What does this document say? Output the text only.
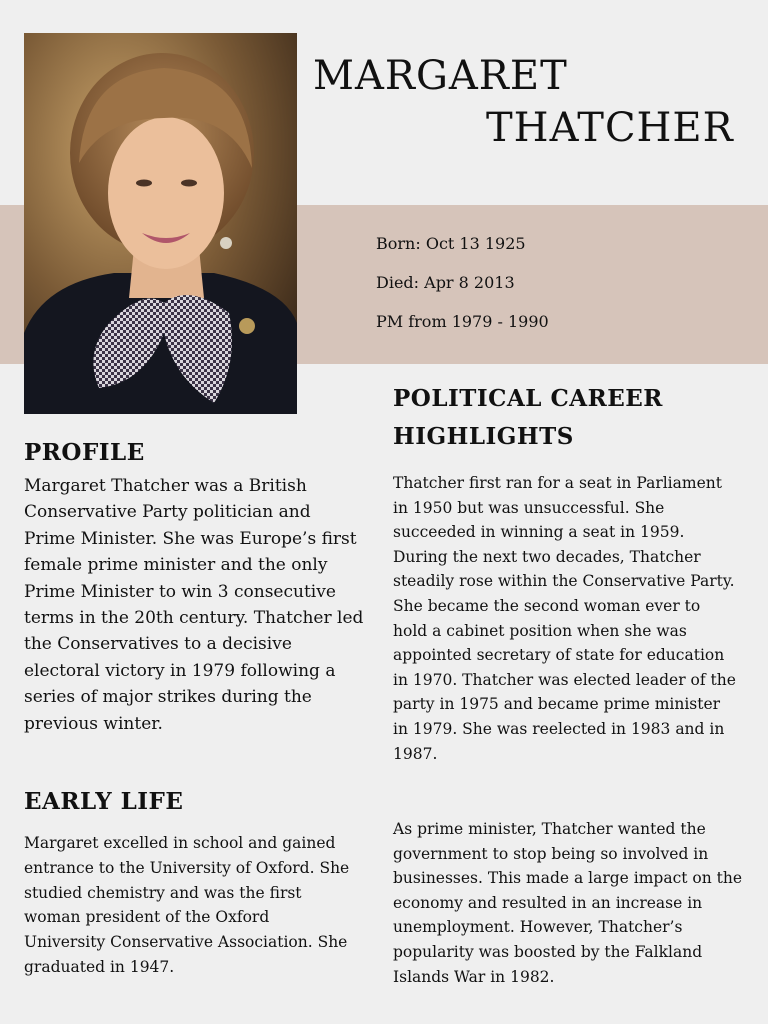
MARGARET
THATCHER
Born: Oct 13 1925
Died: Apr 8 2013
PM from 1979 - 1990
PROFILE

Margaret Thatcher was a British Conservative Party politician and Prime Minister. She was Europe’s first female prime minister and the only Prime Minister to win 3 consecutive terms in the 20th century. Thatcher led the Conservatives to a decisive electoral victory in 1979 following a series of major strikes during the previous winter.

EARLY LIFE

Margaret excelled in school and gained entrance to the University of Oxford. She studied chemistry and was the first woman president of the Oxford University Conservative Association. She graduated in 1947.

POLITICAL CAREER HIGHLIGHTS

Thatcher first ran for a seat in Parliament in 1950 but was unsuccessful. She succeeded in winning a seat in 1959. During the next two decades, Thatcher steadily rose within the Conservative Party. She became the second woman ever to hold a cabinet position when she was appointed secretary of state for education in 1970. Thatcher was elected leader of the party in 1975 and became prime minister in 1979. She was reelected in 1983 and in 1987.

As prime minister, Thatcher wanted the government to stop being so involved in businesses. This made a large impact on the economy and resulted in an increase in unemployment. However, Thatcher’s popularity was boosted by the Falkland Islands War in 1982.
